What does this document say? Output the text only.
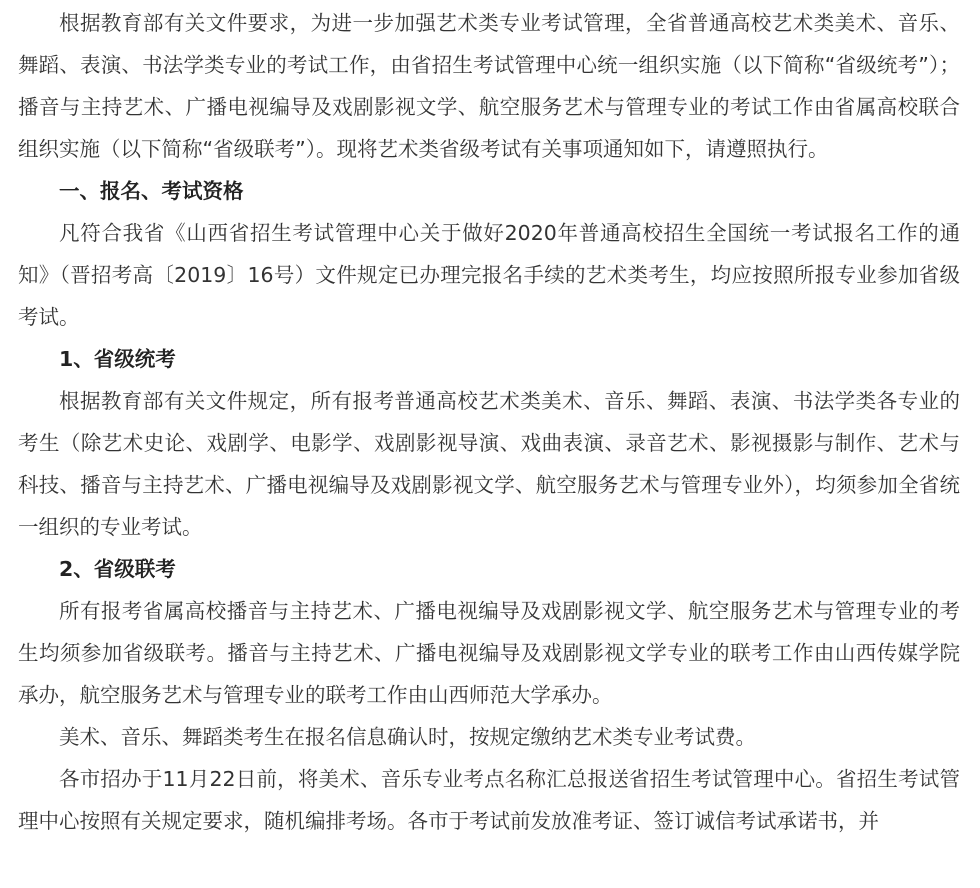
根据教育部有关文件要求，为进一步加强艺术类专业考试管理，全省普通高校艺术类美术、音乐、舞蹈、表演、书法学类专业的考试工作，由省招生考试管理中心统一组织实施（以下简称“省级统考”）；播音与主持艺术、广播电视编导及戏剧影视文学、航空服务艺术与管理专业的考试工作由省属高校联合组织实施（以下简称“省级联考”）。现将艺术类省级考试有关事项通知如下，请遵照执行。

一、报名、考试资格

凡符合我省《山西省招生考试管理中心关于做好2020年普通高校招生全国统一考试报名工作的通知》（晋招考高〔2019〕16号）文件规定已办理完报名手续的艺术类考生，均应按照所报专业参加省级考试。

1、省级统考

根据教育部有关文件规定，所有报考普通高校艺术类美术、音乐、舞蹈、表演、书法学类各专业的考生（除艺术史论、戏剧学、电影学、戏剧影视导演、戏曲表演、录音艺术、影视摄影与制作、艺术与科技、播音与主持艺术、广播电视编导及戏剧影视文学、航空服务艺术与管理专业外），均须参加全省统一组织的专业考试。

2、省级联考

所有报考省属高校播音与主持艺术、广播电视编导及戏剧影视文学、航空服务艺术与管理专业的考生均须参加省级联考。播音与主持艺术、广播电视编导及戏剧影视文学专业的联考工作由山西传媒学院承办，航空服务艺术与管理专业的联考工作由山西师范大学承办。

美术、音乐、舞蹈类考生在报名信息确认时，按规定缴纳艺术类专业考试费。

各市招办于11月22日前，将美术、音乐专业考点名称汇总报送省招生考试管理中心。省招生考试管理中心按照有关规定要求，随机编排考场。各市于考试前发放准考证、签订诚信考试承诺书，并
